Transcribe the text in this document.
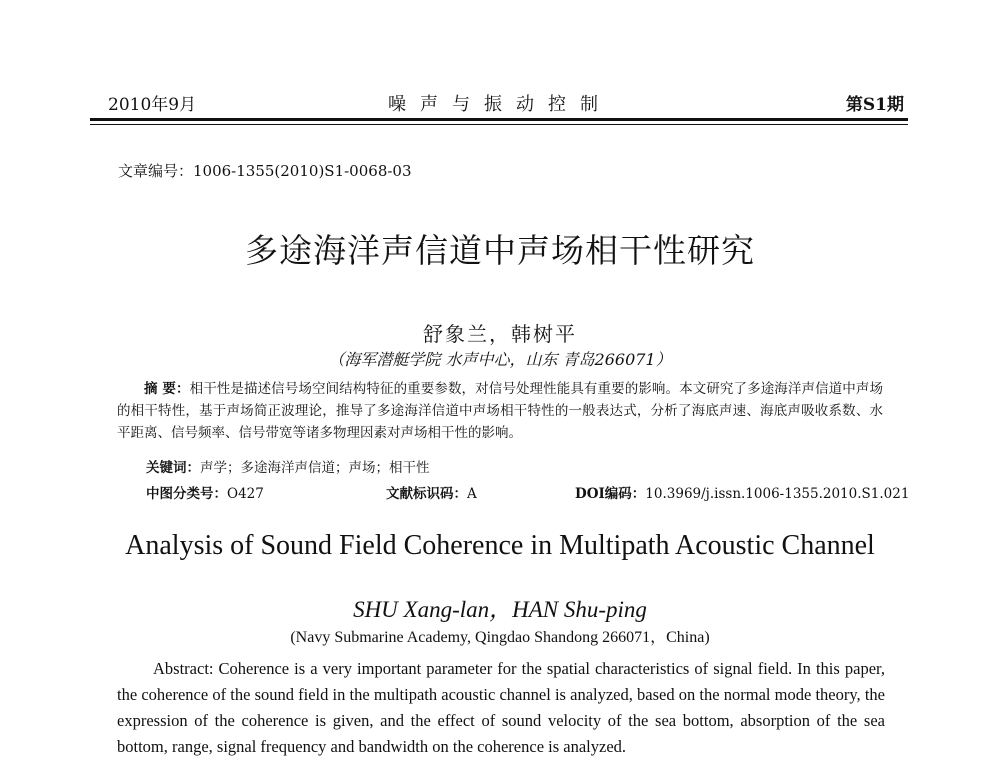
2010年9月	噪声与振动控制	第S1期
文章编号：1006-1355(2010)S1-0068-03
多途海洋声信道中声场相干性研究
舒象兰，韩树平
（海军潜艇学院 水声中心，山东 青岛266071）
摘 要：相干性是描述信号场空间结构特征的重要参数，对信号处理性能具有重要的影响。本文研究了多途海洋声信道中声场的相干特性，基于声场简正波理论，推导了多途海洋信道中声场相干特性的一般表达式，分析了海底声速、海底声吸收系数、水平距离、信号频率、信号带宽等诸多物理因素对声场相干性的影响。
关键词：声学；多途海洋声信道；声场；相干性
中图分类号：O427	文献标识码：A	DOI编码：10.3969/j.issn.1006-1355.2010.S1.021
Analysis of Sound Field Coherence in Multipath Acoustic Channel
SHU Xang-lan，HAN Shu-ping
(Navy Submarine Academy, Qingdao Shandong 266071，China)
Abstract: Coherence is a very important parameter for the spatial characteristics of signal field. In this paper, the coherence of the sound field in the multipath acoustic channel is analyzed, based on the normal mode theory, the expression of the coherence is given, and the effect of sound velocity of the sea bottom, absorption of the sea bottom, range, signal frequency and bandwidth on the coherence is analyzed.
